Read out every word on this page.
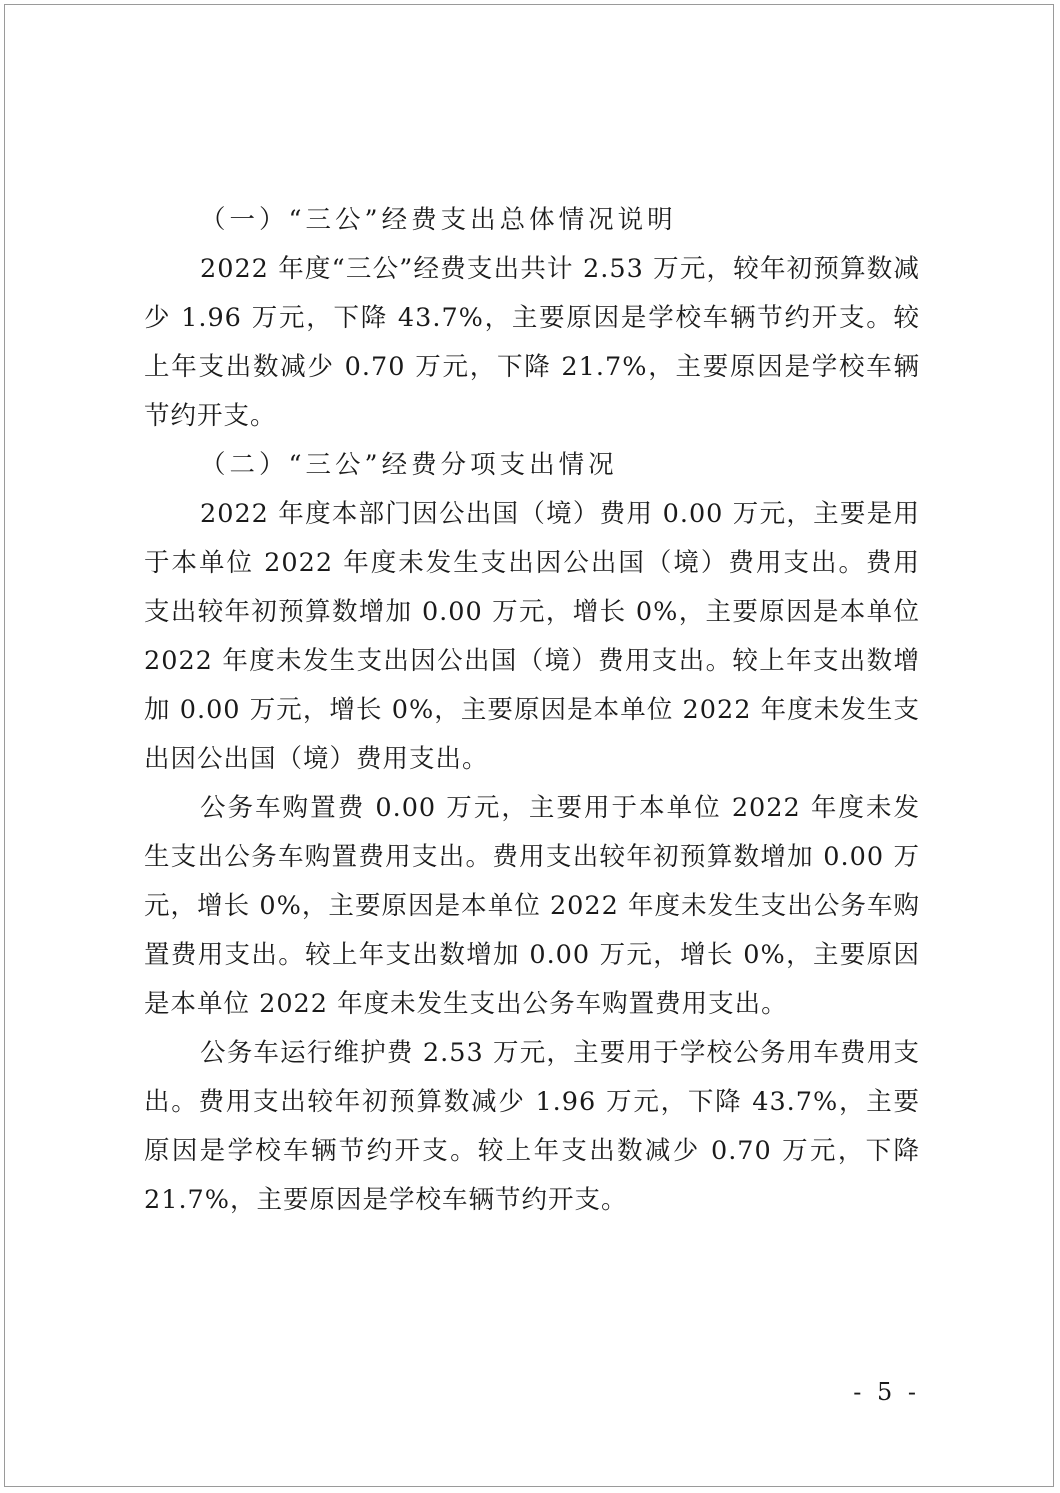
（一）“三公”经费支出总体情况说明

2022 年度“三公”经费支出共计 2.53 万元，较年初预算数减少 1.96 万元，下降 43.7%，主要原因是学校车辆节约开支。较上年支出数减少 0.70 万元，下降 21.7%，主要原因是学校车辆节约开支。

（二）“三公”经费分项支出情况

2022 年度本部门因公出国（境）费用 0.00 万元，主要是用于本单位 2022 年度未发生支出因公出国（境）费用支出。费用支出较年初预算数增加 0.00 万元，增长 0%，主要原因是本单位 2022 年度未发生支出因公出国（境）费用支出。较上年支出数增加 0.00 万元，增长 0%，主要原因是本单位 2022 年度未发生支出因公出国（境）费用支出。

公务车购置费 0.00 万元，主要用于本单位 2022 年度未发生支出公务车购置费用支出。费用支出较年初预算数增加 0.00 万元，增长 0%，主要原因是本单位 2022 年度未发生支出公务车购置费用支出。较上年支出数增加 0.00 万元，增长 0%，主要原因是本单位 2022 年度未发生支出公务车购置费用支出。

公务车运行维护费 2.53 万元，主要用于学校公务用车费用支出。费用支出较年初预算数减少 1.96 万元，下降 43.7%，主要原因是学校车辆节约开支。较上年支出数减少 0.70 万元，下降 21.7%，主要原因是学校车辆节约开支。

- 5 -
